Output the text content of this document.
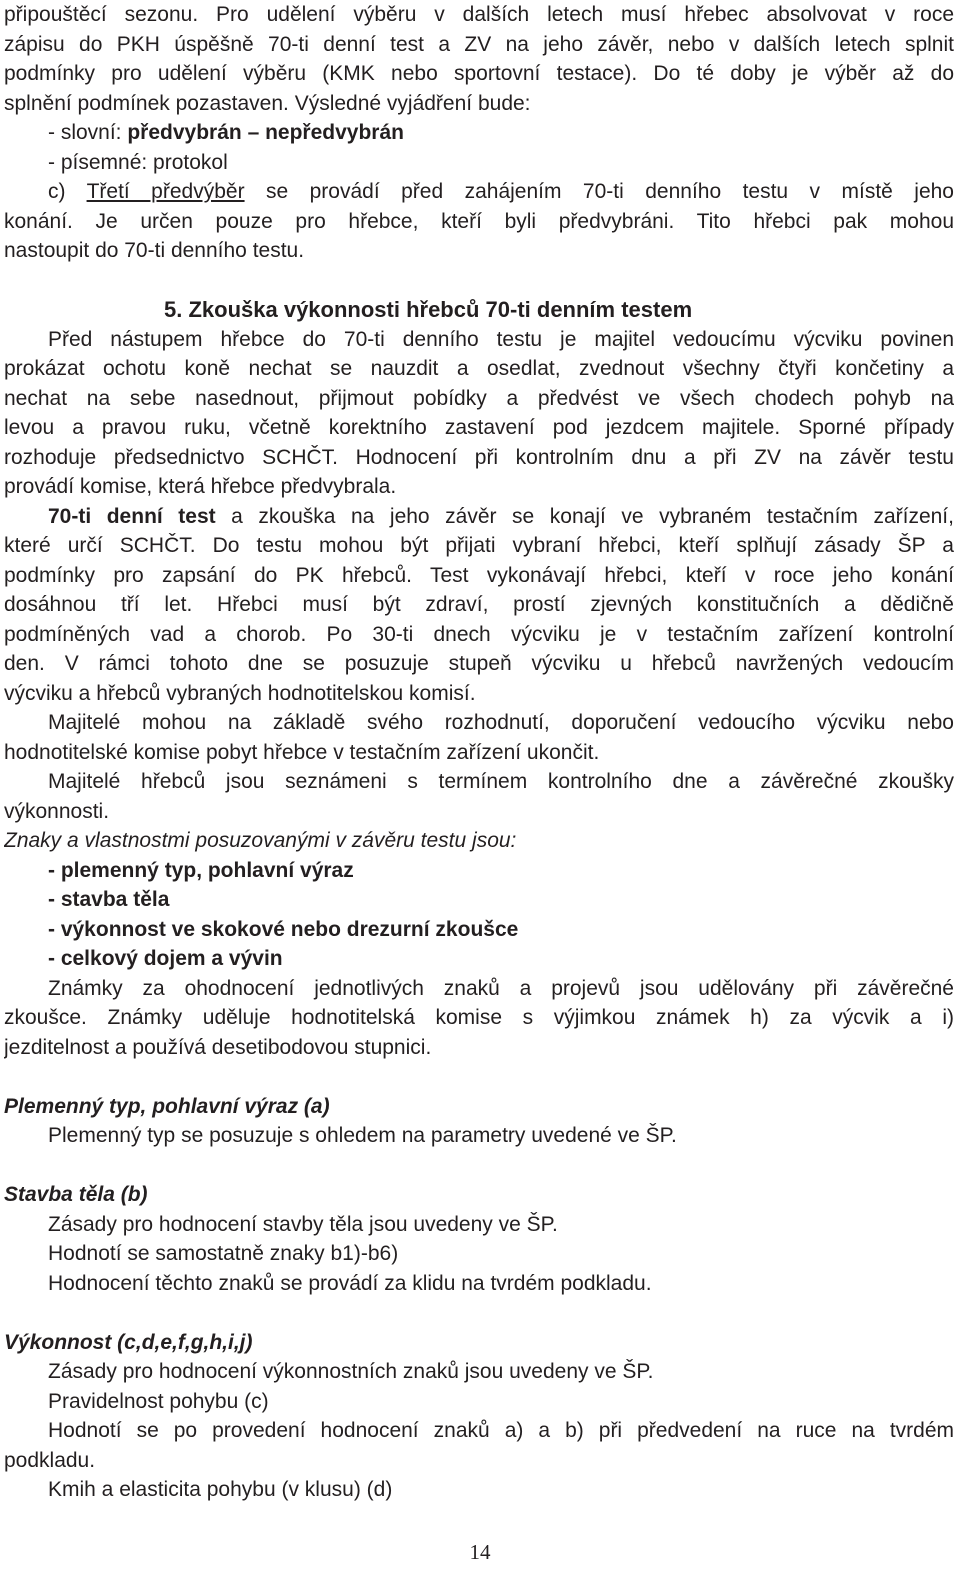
připouštěcí sezonu. Pro udělení výběru v dalších letech musí hřebec absolvovat v roce
zápisu do PKH úspěšně 70-ti denní test a ZV na jeho závěr, nebo v dalších letech splnit
podmínky pro udělení výběru (KMK nebo sportovní testace). Do té doby je výběr až do
splnění podmínek pozastaven. Výsledné vyjádření bude:
- slovní: předvybrán – nepředvybrán
- písemné: protokol
c) Třetí předvýběr se provádí před zahájením 70-ti denního testu v místě jeho
konání. Je určen pouze pro hřebce, kteří byli předvybráni. Tito hřebci pak mohou
nastoupit do 70-ti denního testu.
5. Zkouška výkonnosti hřebců 70-ti denním testem
Před nástupem hřebce do 70-ti denního testu je majitel vedoucímu výcviku povinen
prokázat ochotu koně nechat se nauzdit a osedlat, zvednout všechny čtyři končetiny a
nechat na sebe nasednout, přijmout pobídky a předvést ve všech chodech pohyb na
levou a pravou ruku, včetně korektního zastavení pod jezdcem majitele. Sporné případy
rozhoduje předsednictvo SCHČT. Hodnocení při kontrolním dnu a při ZV na závěr testu
provádí komise, která hřebce předvybrala.
70-ti denní test a zkouška na jeho závěr se konají ve vybraném testačním zařízení,
které určí SCHČT. Do testu mohou být přijati vybraní hřebci, kteří splňují zásady ŠP a
podmínky pro zapsání do PK hřebců. Test vykonávají hřebci, kteří v roce jeho konání
dosáhnou tří let. Hřebci musí být zdraví, prostí zjevných konstitučních a dědičně
podmíněných vad a chorob. Po 30-ti dnech výcviku je v testačním zařízení kontrolní
den. V rámci tohoto dne se posuzuje stupeň výcviku u hřebců navržených vedoucím
výcviku a hřebců vybraných hodnotitelskou komisí.
Majitelé mohou na základě svého rozhodnutí, doporučení vedoucího výcviku nebo
hodnotitelské komise pobyt hřebce v testačním zařízení ukončit.
Majitelé hřebců jsou seznámeni s termínem kontrolního dne a závěrečné zkoušky
výkonnosti.
Znaky a vlastnostmi posuzovanými v závěru testu jsou:
- plemenný typ, pohlavní výraz
- stavba těla
- výkonnost ve skokové nebo drezurní zkoušce
- celkový dojem a vývin
Známky za ohodnocení jednotlivých znaků a projevů jsou udělovány při závěrečné
zkoušce. Známky uděluje hodnotitelská komise s výjimkou známek h) za výcvik a i)
jezditelnost a používá desetibodovou stupnici.
Plemenný typ, pohlavní výraz (a)
Plemenný typ se posuzuje s ohledem na parametry uvedené ve ŠP.
Stavba těla (b)
Zásady pro hodnocení stavby těla jsou uvedeny ve ŠP.
Hodnotí se samostatně znaky b1)-b6)
Hodnocení těchto znaků se provádí za klidu na tvrdém podkladu.
Výkonnost (c,d,e,f,g,h,i,j)
Zásady pro hodnocení výkonnostních znaků jsou uvedeny ve ŠP.
Pravidelnost pohybu (c)
Hodnotí se po provedení hodnocení znaků a) a b) při předvedení na ruce na tvrdém
podkladu.
Kmih a elasticita pohybu (v klusu) (d)
14
